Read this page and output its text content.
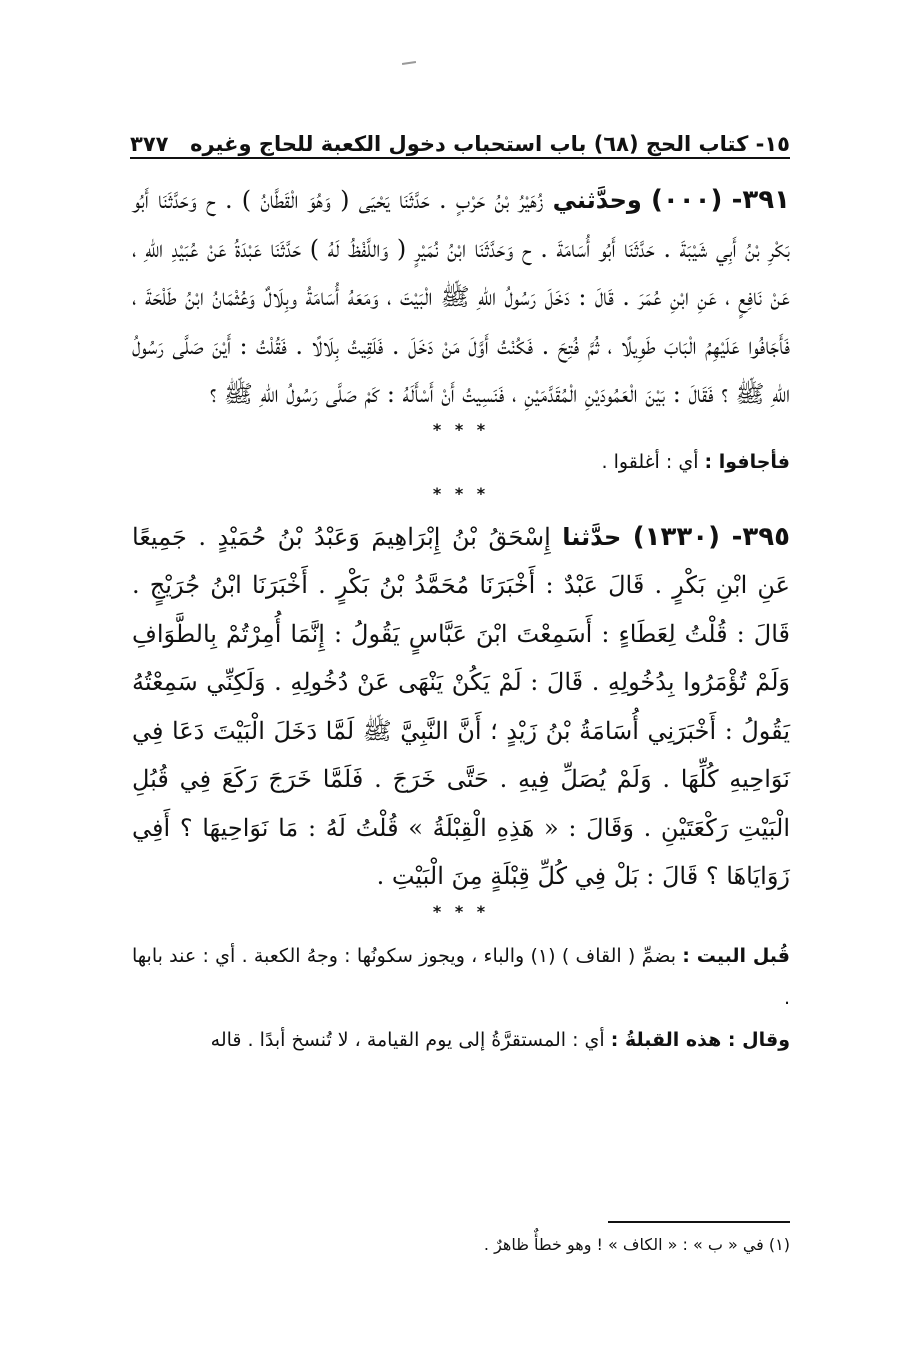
١٥- كتاب الحج (٦٨) باب استحباب دخول الكعبة للحاج وغيره
٣٧٧

٣٩١- (٠٠٠) وحدَّثني زُهَيْرُ بْنُ حَرْبٍ . حَدَّثَنَا يَحْيَى ( وَهُوَ الْقَطَّانُ ) . ح وَحَدَّثَنَا أَبُو بَكْرِ بْنُ أَبِي شَيْبَةَ . حَدَّثَنَا أَبُو أُسَامَةَ . ح وَحَدَّثَنَا ابْنُ نُمَيْرٍ ( وَاللَّفْظُ لَهُ ) حَدَّثَنَا عَبْدَةُ عَنْ عُبَيْدِ اللهِ ، عَنْ نَافِعٍ ، عَنِ ابْنِ عُمَرَ . قَالَ : دَخَلَ رَسُولُ اللهِ ﷺ الْبَيْتَ ، وَمَعَهُ أُسَامَةُ وبِلَالٌ وَعُثْمَانُ ابْنُ طَلْحَةَ ، فَأَجَافُوا عَلَيْهِمُ الْبَابَ طَوِيلًا ، ثُمَّ فُتِحَ . فَكُنْتُ أَوَّلَ مَنْ دَخَلَ . فَلَقِيتُ بِلَالًا . فَقُلْتُ : أَيْنَ صَلَّى رَسُولُ اللهِ ﷺ ؟ فَقَالَ : بَيْنَ الْعَمُودَيْنِ الْمُقَدَّمَيْنِ ، فَنَسِيتُ أَنْ أَسْأَلَهُ : كَمْ صَلَّى رَسُولُ اللهِ ﷺ ؟

* * *

فأجافوا : أي : أغلقوا .

* * *

٣٩٥- (١٣٣٠) حدَّثنا إِسْحَقُ بْنُ إِبْرَاهِيمَ وَعَبْدُ بْنُ حُمَيْدٍ . جَمِيعًا عَنِ ابْنِ بَكْرٍ . قَالَ عَبْدٌ : أَخْبَرَنَا مُحَمَّدُ بْنُ بَكْرٍ . أَخْبَرَنَا ابْنُ جُرَيْجٍ . قَالَ : قُلْتُ لِعَطَاءٍ : أَسَمِعْتَ ابْنَ عَبَّاسٍ يَقُولُ : إِنَّمَا أُمِرْتُمْ بِالطَّوَافِ وَلَمْ تُؤْمَرُوا بِدُخُولِهِ . قَالَ : لَمْ يَكُنْ يَنْهَى عَنْ دُخُولِهِ . وَلَكِنِّي سَمِعْتُهُ يَقُولُ : أَخْبَرَنِي أُسَامَةُ بْنُ زَيْدٍ ؛ أَنَّ النَّبِيَّ ﷺ لَمَّا دَخَلَ الْبَيْتَ دَعَا فِي نَوَاحِيهِ كُلِّهَا . وَلَمْ يُصَلِّ فِيهِ . حَتَّى خَرَجَ . فَلَمَّا خَرَجَ رَكَعَ فِي قُبُلِ الْبَيْتِ رَكْعَتَيْنِ . وَقَالَ : « هَذِهِ الْقِبْلَةُ » قُلْتُ لَهُ : مَا نَوَاحِيهَا ؟ أَفِي زَوَايَاهَا ؟ قَالَ : بَلْ فِي كُلِّ قِبْلَةٍ مِنَ الْبَيْتِ .

* * *

قُبل البيت : بضمِّ ( القاف ) (١) والباء ، ويجوز سكونُها : وجهُ الكعبة . أي : عند بابها .

وقال : هذه القبلةُ : أي : المستقرَّةُ إلى يوم القيامة ، لا تُنسخ أبدًا . قاله

(١) في « ب » : « الكاف » ! وهو خطأٌ ظاهرٌ .
